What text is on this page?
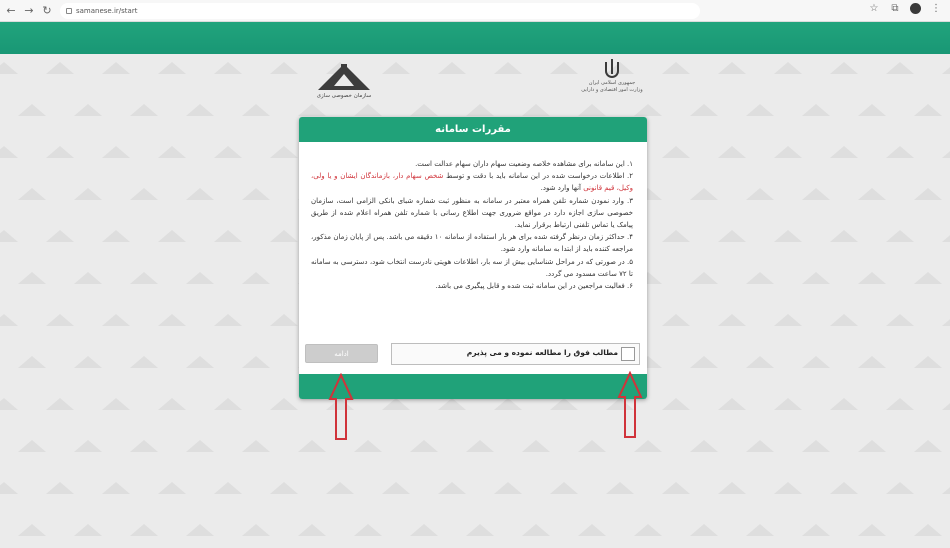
← → ↻	samanese.ir/start	☆ ⧉	⋮
جمهوری اسلامی ایران
وزارت امور اقتصادی و دارایی
سازمان خصوصی سازی
مقررات سامانه

۱. این سامانه برای مشاهده خلاصه وضعیت سهام داران سهام عدالت است.

۲. اطلاعات درخواست شده در این سامانه باید با دقت و توسط شخص سهام دار، بازماندگان ایشان و یا ولی، وکیل، قیم قانونی آنها وارد شود.

۳. وارد نمودن شماره تلفن همراه معتبر در سامانه به منظور ثبت شماره شبای بانکی الزامی است، سازمان خصوصی سازی اجازه دارد در مواقع ضروری جهت اطلاع رسانی با شماره تلفن همراه اعلام شده از طریق پیامک یا تماس تلفنی ارتباط برقرار نماید.

۴. حداکثر زمان درنظر گرفته شده برای هر بار استفاده از سامانه ۱۰ دقیقه می باشد. پس از پایان زمان مذکور، مراجعه کننده باید از ابتدا به سامانه وارد شود.

۵. در صورتی که در مراحل شناسایی بیش از سه بار، اطلاعات هویتی نادرست انتخاب شود، دسترسی به سامانه تا ۷۲ ساعت مسدود می گردد.

۶. فعالیت مراجعین در این سامانه ثبت شده و قابل پیگیری می باشد.

مطالب فوق را مطالعه نموده و می پذیرم
ادامه
